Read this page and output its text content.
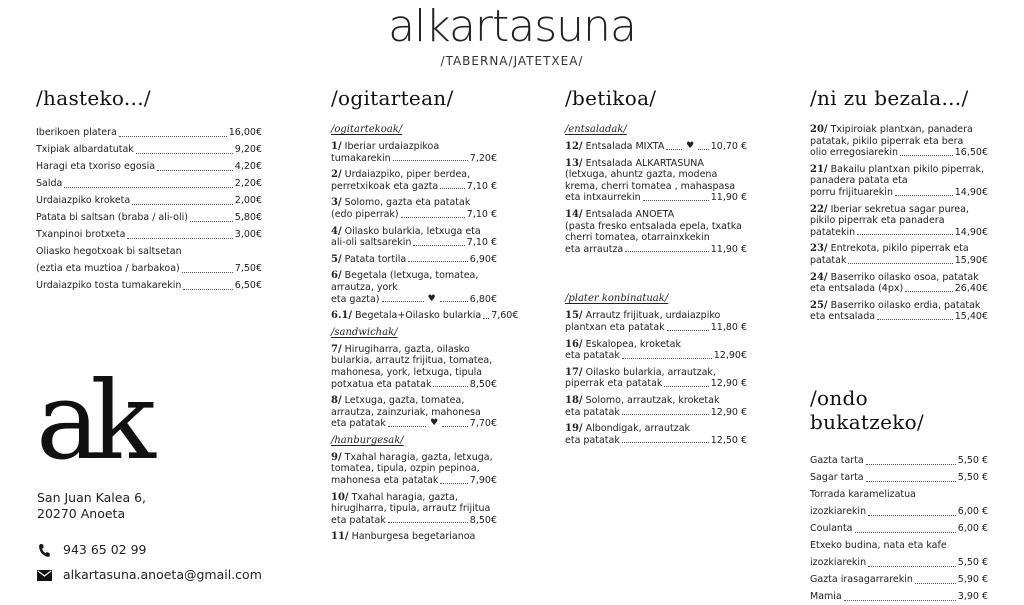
alkartasuna
/TABERNA/JATETXEA/
/hasteko.../
Iberikoen platera	16,00€
Txipiak albardatutak	9,20€
Haragi eta txoriso egosia	4,20€
Salda	2,20€
Urdaiazpiko kroketa	2,00€
Patata bi saltsan (braba / ali-oli)	5,80€
Txanpinoi brotxeta	3,00€
Oliasko hegotxoak bi saltsetan
(eztia eta muztioa / barbakoa)	7,50€
Urdaiazpiko tosta tumakarekin	6,50€
/ogitartean/
/ogitartekoak/
1/ Iberiar urdaiazpikoa
tumakarekin	7,20€
2/ Urdaiazpiko, piper berdea,
perretxikoak eta gazta	7,10 €
3/ Solomo, gazta eta patatak
(edo piperrak)	7,10 €
4/ Oilasko bularkia, letxuga eta
ali-oli saltsarekin	7,10 €
5/
Patata tortila	6,90€
6/ Begetala (letxuga, tomatea,
arrautza, york
eta gazta)	♥	6,80€
6.1/
Begetala+Oilasko bularkia 7,60€
/sandwichak/
7/ Hirugiharra, gazta, oilasko
bularkia, arrautz frijitua, tomatea,
mahonesa, york, letxuga, tipula
potxatua eta patatak	8,50€
8/ Letxuga, gazta, tomatea,
arrautza, zainzuriak, mahonesa
eta patatak	♥	7,70€
/hanburgesak/
9/ Txahal haragia, gazta, letxuga,
tomatea, tipula, ozpin pepinoa,
mahonesa eta patatak	7,90€
10/ Txahal haragia, gazta,
hirugiharra, tipula, arrautz frijitua
eta patatak	8,50€
11/ Hanburgesa begetarianoa
/betikoa/
/entsaladak/
12/
Entsalada MIXTA ♥ 10,70 €
13/ Entsalada ALKARTASUNA
(letxuga, ahuntz gazta, modena
krema, cherri tomatea , mahaspasa
eta intxaurrekin	11,90 €
14/ Entsalada ANOETA
(pasta fresko entsalada epela, txatka
cherri tomatea, otarrainxkekin
eta arrautza	11,90 €
/plater konbinatuak/
15/ Arrautz frijituak, urdaiazpiko
plantxan eta patatak	11,80 €
16/ Eskalopea, kroketak
eta patatak	12,90€
17/ Oilasko bularkia, arrautzak,
piperrak eta patatak	12,90 €
18/ Solomo, arrautzak, kroketak
eta patatak	12,90 €
19/ Albondigak, arrautzak
eta patatak	12,50 €
/ni zu bezala.../
20/ Txipiroiak plantxan, panadera
patatak, pikilo piperrak eta bera
olio erregosiarekin	16,50€
21/ Bakailu plantxan pikilo piperrak,
panadera patata eta
porru frijituarekin	14,90€
22/ Iberiar sekretua sagar purea,
pikilo piperrak eta panadera
patatekin	14,90€
23/ Entrekota, pikilo piperrak eta
patatak	15,90€
24/ Baserriko oilasko osoa, patatak
eta entsalada (4px)	26,40€
25/ Baserriko oilasko erdia, patatak
eta entsalada	15,40€
/ondo bukatzeko/
Gazta tarta	5,50 €
Sagar tarta	5,50 €
Torrada karamelizatua
izozkiarekin	6,00 €
Coulanta	6,00 €
Etxeko budina, nata eta kafe
izozkiarekin	5,50 €
Gazta irasagarrarekin	5,90 €
Mamia	3,90 €
ak
San Juan Kalea 6,
20270 Anoeta
943 65 02 99
alkartasuna.anoeta@gmail.com
